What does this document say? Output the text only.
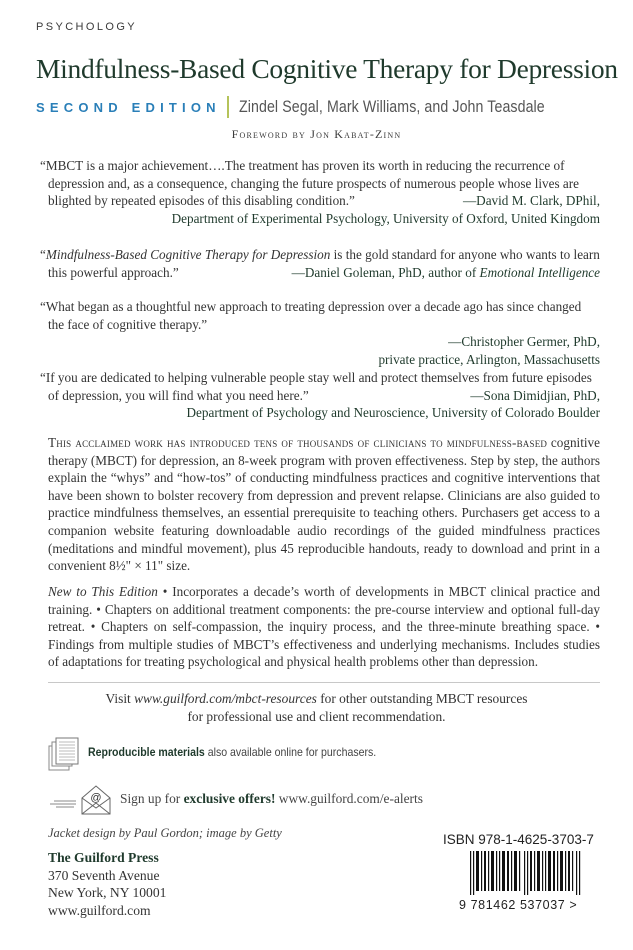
PSYCHOLOGY
Mindfulness-Based Cognitive Therapy for Depression
SECOND EDITION Zindel Segal, Mark Williams, and John Teasdale
Foreword by Jon Kabat-Zinn

“MBCT is a major achievement….The treatment has proven its worth in reducing the recurrence of depression and, as a consequence, changing the future prospects of numerous people whose lives are blighted by repeated episodes of this disabling condition.”	—David M. Clark, DPhil,

Department of Experimental Psychology, University of Oxford, United Kingdom

“Mindfulness-Based Cognitive Therapy for Depression is the gold standard for anyone who wants to learn this powerful approach.”	—Daniel Goleman, PhD, author of Emotional Intelligence

“What began as a thoughtful new approach to treating depression over a decade ago has since changed the face of cognitive therapy.”

—Christopher Germer, PhD,
private practice, Arlington, Massachusetts

“If you are dedicated to helping vulnerable people stay well and protect themselves from future episodes of depression, you will find what you need here.”	—Sona Dimidjian, PhD,

Department of Psychology and Neuroscience, University of Colorado Boulder

This acclaimed work has introduced tens of thousands of clinicians to mindfulness-based cognitive therapy (MBCT) for depression, an 8-week program with proven effectiveness. Step by step, the authors explain the “whys” and “how-tos” of conducting mindfulness practices and cognitive interventions that have been shown to bolster recovery from depression and prevent relapse. Clinicians are also guided to practice mindfulness themselves, an essential prerequisite to teaching others. Purchasers get access to a companion website featuring downloadable audio recordings of the guided mindfulness practices (meditations and mindful movement), plus 45 reproducible handouts, ready to download and print in a convenient 8½" × 11" size.

New to This Edition • Incorporates a decade’s worth of developments in MBCT clinical practice and training. • Chapters on additional treatment components: the pre-course interview and optional full-day retreat. • Chapters on self-compassion, the inquiry process, and the three-minute breathing space. • Findings from multiple studies of MBCT’s effectiveness and underlying mechanisms. Includes studies of adaptations for treating psychological and physical health problems other than depression.

Visit www.guilford.com/mbct-resources for other outstanding MBCT resources
for professional use and client recommendation.
Reproducible materials also available online for purchasers.
@ Sign up for exclusive offers! www.guilford.com/e-alerts
Jacket design by Paul Gordon; image by Getty
The Guilford Press
370 Seventh Avenue
New York, NY 10001
www.guilford.com
ISBN 978-1-4625-3703-7
9 781462 537037 >
